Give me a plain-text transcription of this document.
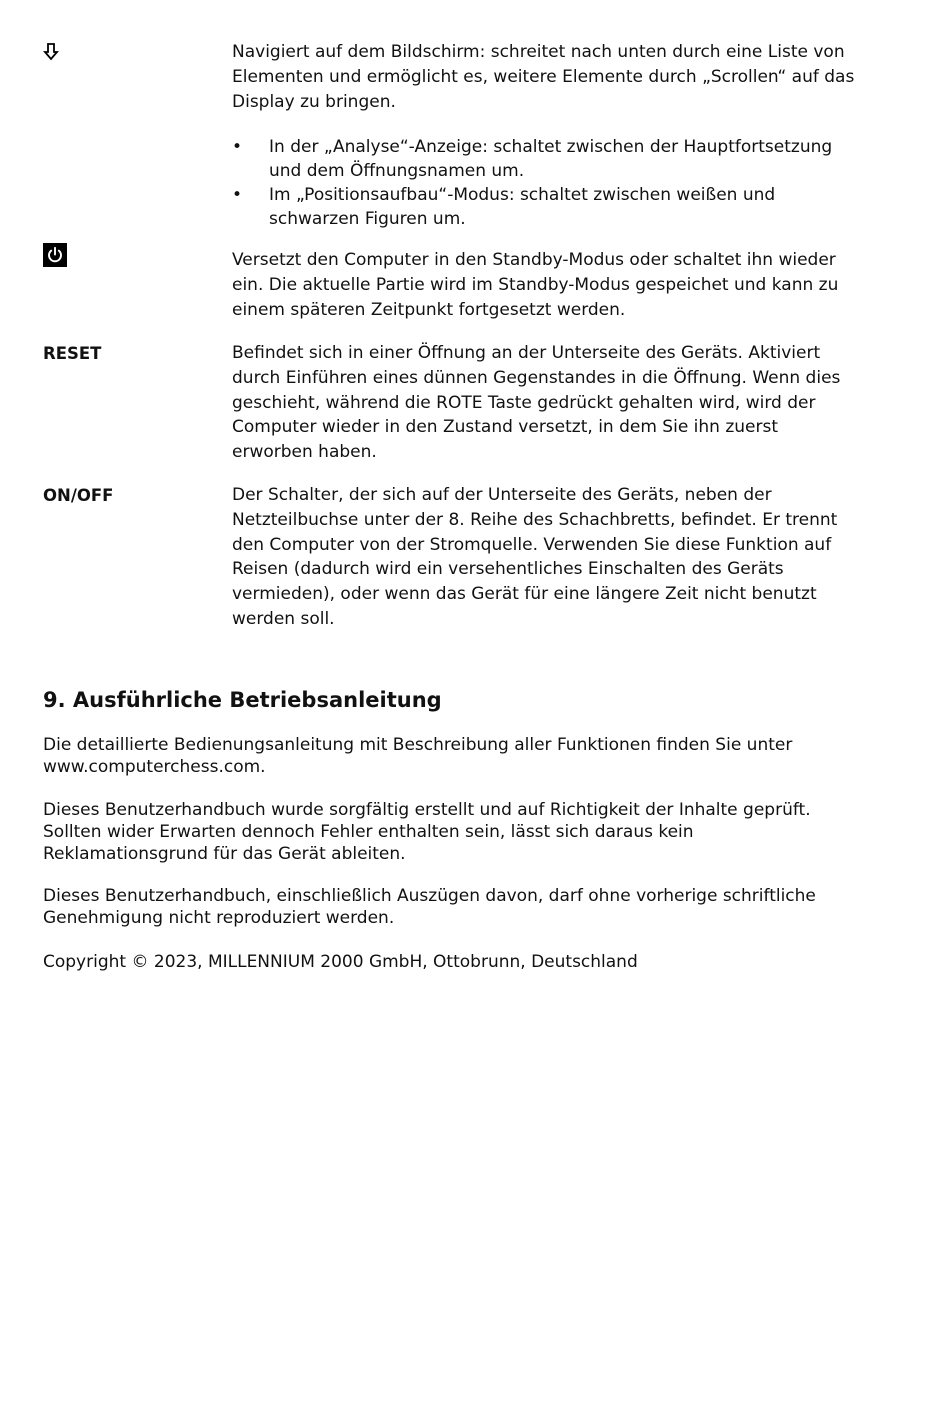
Navigiert auf dem Bildschirm: schreitet nach unten durch eine Liste von Elementen und ermöglicht es, weitere Elemente durch „Scrollen“ auf das Display zu bringen.

• In der „Analyse“-Anzeige: schaltet zwischen der Hauptfortsetzung und dem Öffnungsnamen um.
• Im „Positionsaufbau“-Modus: schaltet zwischen weißen und schwarzen Figuren um.

Versetzt den Computer in den Standby-Modus oder schaltet ihn wieder ein. Die aktuelle Partie wird im Standby-Modus gespeichet und kann zu einem späteren Zeitpunkt fortgesetzt werden.

RESET	Befindet sich in einer Öffnung an der Unterseite des Geräts. Aktiviert durch Einführen eines dünnen Gegenstandes in die Öffnung. Wenn dies geschieht, während die ROTE Taste gedrückt gehalten wird, wird der Computer wieder in den Zustand versetzt, in dem Sie ihn zuerst erworben haben.

ON/OFF	Der Schalter, der sich auf der Unterseite des Geräts, neben der Netzteilbuchse unter der 8. Reihe des Schachbretts, befindet. Er trennt den Computer von der Stromquelle. Verwenden Sie diese Funktion auf Reisen (dadurch wird ein versehentliches Einschalten des Geräts vermieden), oder wenn das Gerät für eine längere Zeit nicht benutzt werden soll.

9. Ausführliche Betriebsanleitung

Die detaillierte Bedienungsanleitung mit Beschreibung aller Funktionen finden Sie unter www.computerchess.com.

Dieses Benutzerhandbuch wurde sorgfältig erstellt und auf Richtigkeit der Inhalte geprüft. Sollten wider Erwarten dennoch Fehler enthalten sein, lässt sich daraus kein Reklamationsgrund für das Gerät ableiten.

Dieses Benutzerhandbuch, einschließlich Auszügen davon, darf ohne vorherige schriftliche Genehmigung nicht reproduziert werden.

Copyright © 2023, MILLENNIUM 2000 GmbH, Ottobrunn, Deutschland
